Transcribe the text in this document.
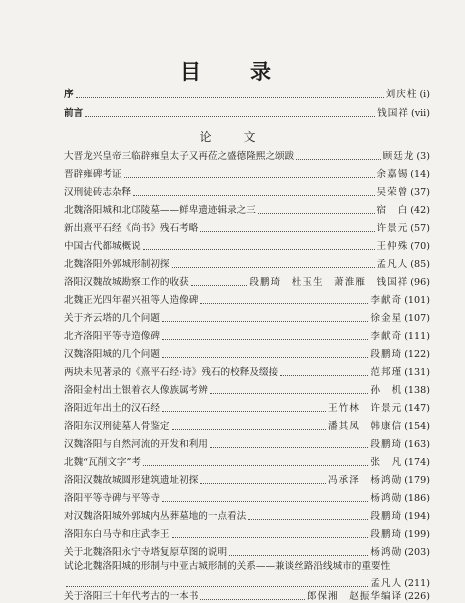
目　录
序	刘庆柱 (i)
前言	钱国祥 (vii)
论　文
大晋龙兴皇帝三临辟雍皇太子又再莅之盛德隆熙之颂跋	顾廷龙 (3)
晋辟雍碑考证	余嘉锡 (14)
汉刑徒砖志杂释	吴荣曾 (37)
北魏洛阳城和北邙陵墓——鲜卑遗迹辑录之三	宿　白 (42)
新出熹平石经《尚书》残石考略	许景元 (57)
中国古代都城概说	王仲殊 (70)
北魏洛阳外郭城形制初探	孟凡人 (85)
洛阳汉魏故城勘察工作的收获	段鹏琦　杜玉生　萧淮雁　钱国祥 (96)
北魏正光四年翟兴祖等人造像碑	李献奇 (101)
关于齐云塔的几个问题	徐金星 (107)
北齐洛阳平等寺造像碑	李献奇 (111)
汉魏洛阳城的几个问题	段鹏琦 (122)
两块未见著录的《熹平石经·诗》残石的校释及缀接	范邦瑾 (131)
洛阳金村出土银着衣人像族属考辨	孙　机 (138)
洛阳近年出土的汉石经	王竹林　许景元 (147)
洛阳东汉刑徒墓人骨鉴定	潘其凤　韩康信 (154)
汉魏洛阳与自然河流的开发和利用	段鹏琦 (163)
北魏“瓦削文字”考	张　凡 (174)
洛阳汉魏故城圆形建筑遗址初探	冯承泽　杨鸿勋 (179)
洛阳平等寺碑与平等寺	杨鸿勋 (186)
对汉魏洛阳城外郭城内丛葬墓地的一点看法	段鹏琦 (194)
洛阳东白马寺和庄武李王	段鹏琦 (199)
关于北魏洛阳永宁寺塔复原草图的说明	杨鸿勋 (203)
试论北魏洛阳城的形制与中亚古城形制的关系——兼谈丝路沿线城市的重要性
孟凡人 (211)
关于洛阳三十年代考古的一本书	郎保湘　赵振华编译 (226)
